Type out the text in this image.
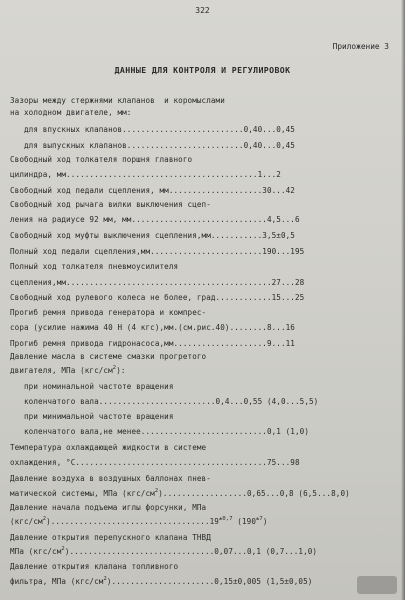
322
Приложение 3
ДАННЫЕ ДЛЯ КОНТРОЛЯ И РЕГУЛИРОВОК
Зазоры между стержнями клапанов  и коромыслами
на холодном двигателе, мм:
для впускных клапанов..........................0,40...0,45
для выпускных клапанов.........................0,40...0,45
Свободный ход толкателя поршня главного
цилиндра, мм.........................................1...2
Свободный ход педали сцепления, мм....................30...42
Свободный ход рычага вилки выключения сцеп-
ления на радиусе 92 мм, мм.............................4,5...6
Свободный ход муфты выключения сцепления,мм...........3,5±0,5
Полный ход педали сцепления,мм........................190...195
Полный ход толкателя пневмоусилителя
сцепления,мм............................................27...28
Свободный ход рулевого колеса не более, град............15...25
Прогиб ремня привода генератора и компрес-
сора (усилие нажима 40 Н (4 кгс),мм.(см.рис.40)........8...16
Прогиб ремня привода гидронасоса,мм....................9...11
Давление масла в системе смазки прогретого
двигателя, МПа $(кгс/см^2)$:
при номинальной частоте вращения
коленчатого вала.........................0,4...0,55 (4,0...5,5)
при минимальной частоте вращения
коленчатого вала,не менее...........................0,1 (1,0)
Температура охлаждающей жидкости в системе
охлаждения, °С.........................................75...98
Давление воздуха в воздушных баллонах пнев-
матической системы, МПа $(кгс/см^2)..................0,65...0,8$ (6,5...8,0)
Давление начала подъема иглы форсунки, МПа
$(кгс/см^2)..................................19^{\pm 0,7}$ $(190^{\pm 7})$
Давление открытия перепускного клапана ТНВД
МПа $(кгс/см^2)...............................0,07...0,1$ (0,7...1,0)
Давление открытия клапана топливного
фильтра, МПа $(кгс/см^2)......................0,15\pm 0,005$ (1,5±0,05)
